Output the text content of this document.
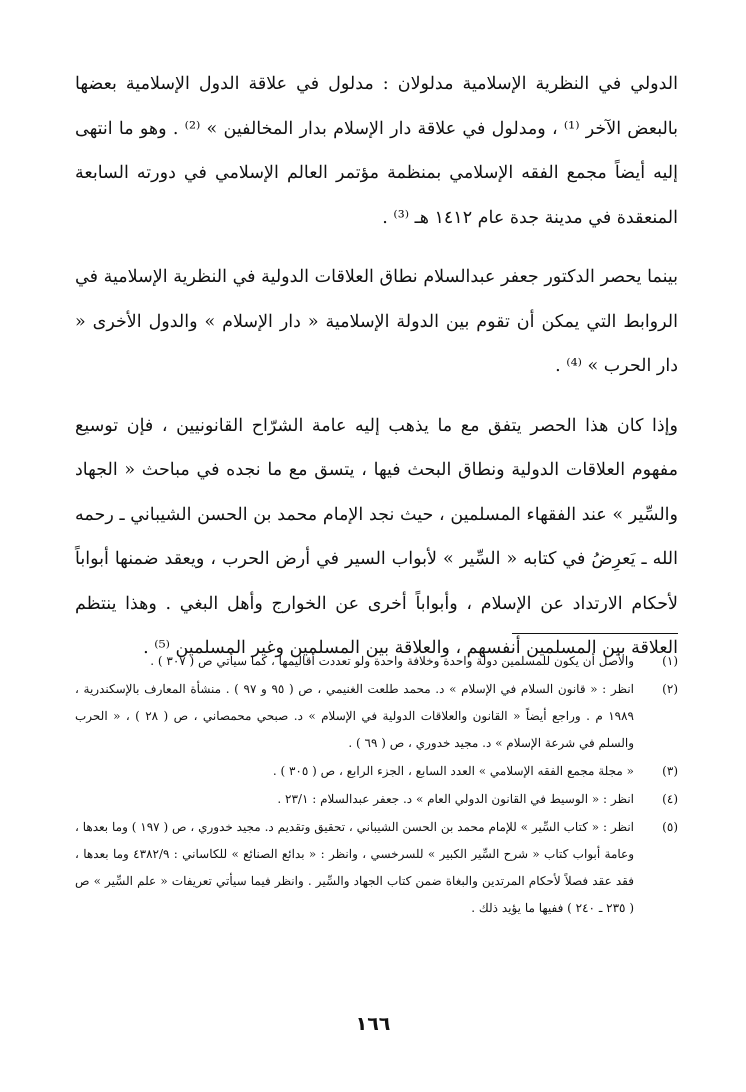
الدولي في النظرية الإسلامية مدلولان : مدلول في علاقة الدول الإسلامية بعضها بالبعض الآخر ⁽¹⁾ ، ومدلول في علاقة دار الإسلام بدار المخالفين » ⁽²⁾ . وهو ما انتهى إليه أيضاً مجمع الفقه الإسلامي بمنظمة مؤتمر العالم الإسلامي في دورته السابعة المنعقدة في مدينة جدة عام ١٤١٢ هـ ⁽³⁾ .

بينما يحصر الدكتور جعفر عبدالسلام نطاق العلاقات الدولية في النظرية الإسلامية في الروابط التي يمكن أن تقوم بين الدولة الإسلامية « دار الإسلام » والدول الأخرى « دار الحرب » ⁽⁴⁾ .

وإذا كان هذا الحصر يتفق مع ما يذهب إليه عامة الشرّاح القانونيين ، فإن توسيع مفهوم العلاقات الدولية ونطاق البحث فيها ، يتسق مع ما نجده في مباحث « الجهاد والسِّير » عند الفقهاء المسلمين ، حيث نجد الإمام محمد بن الحسن الشيباني ـ رحمه الله ـ يَعرِضُ في كتابه « السِّير » لأبواب السير في أرض الحرب ، ويعقد ضمنها أبواباً لأحكام الارتداد عن الإسلام ، وأبواباً أخرى عن الخوارج وأهل البغي . وهذا ينتظم العلاقة بين المسلمين أنفسهم ، والعلاقة بين المسلمين وغير المسلمين ⁽⁵⁾ .

(١)
والأصل أن يكون للمسلمين دولة واحدة وخلافة واحدة ولو تعددت أقاليمها ، كما سيأتي ص ( ٣٠٧ ) .
(٢)
انظر : « قانون السلام في الإسلام » د. محمد طلعت الغنيمي ، ص ( ٩٥ و ٩٧ ) . منشأة المعارف بالإسكندرية ، ١٩٨٩ م . وراجع أيضاً « القانون والعلاقات الدولية في الإسلام » د. صبحي محمصاني ، ص ( ٢٨ ) ، « الحرب والسلم في شرعة الإسلام » د. مجيد خدوري ، ص ( ٦٩ ) .
(٣)
« مجلة مجمع الفقه الإسلامي » العدد السابع ، الجزء الرابع ، ص ( ٣٠٥ ) .
(٤)
انظر : « الوسيط في القانون الدولي العام » د. جعفر عبدالسلام : ٢٣/١ .
(٥)
انظر : « كتاب السِّير » للإمام محمد بن الحسن الشيباني ، تحقيق وتقديم د. مجيد خدوري ، ص ( ١٩٧ ) وما بعدها ، وعامة أبواب كتاب « شرح السِّير الكبير » للسرخسي ، وانظر : « بدائع الصنائع » للكاساني : ٤٣٨٢/٩ وما بعدها ، فقد عقد فصلاً لأحكام المرتدين والبغاة ضمن كتاب الجهاد والسِّير . وانظر فيما سيأتي تعريفات « علم السِّير » ص ( ٢٣٥ ـ ٢٤٠ ) ففيها ما يؤيد ذلك .
١٦٦
